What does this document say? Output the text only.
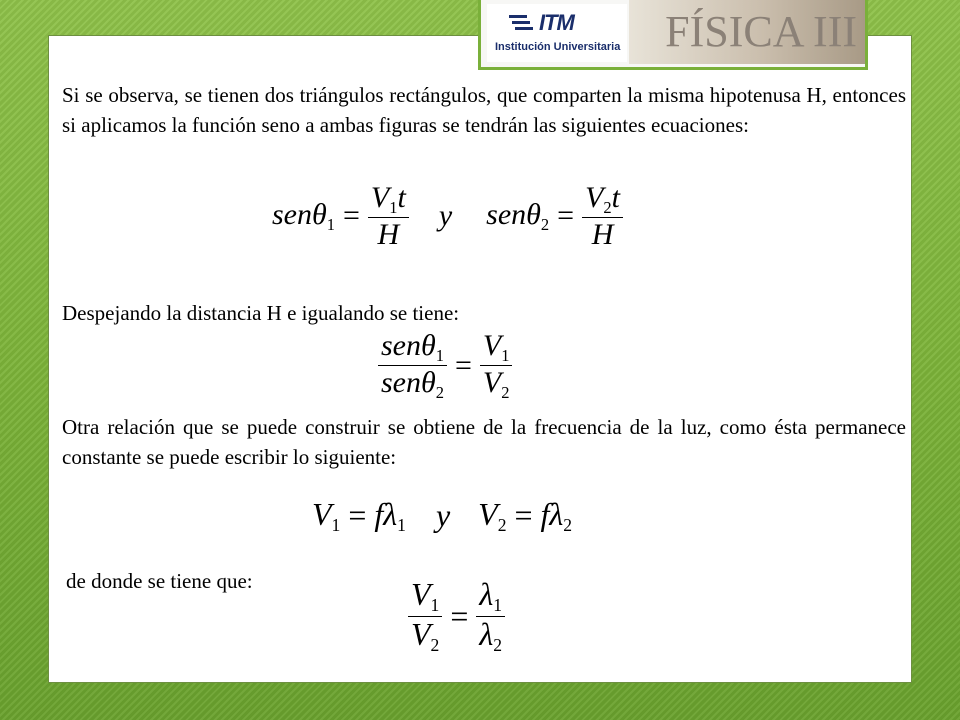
ITM
Institución Universitaria FÍSICA III

Si se observa, se tienen dos triángulos rectángulos, que comparten la misma hipotenusa H, entonces si aplicamos la función seno a ambas figuras se tendrán las siguientes ecuaciones:

$sen\theta_1 = \frac{V_1t}{H}$ y $sen\theta_2 = \frac{V_2t}{H}$

Despejando la distancia H e igualando se tiene:

$\frac{sen\theta_1}{sen\theta_2} = \frac{V_1}{V_2}$

Otra relación que se puede construir se obtiene de la frecuencia de la luz, como ésta permanece constante se puede escribir lo siguiente:

$V_1 = f\lambda_1$ y $V_2 = f\lambda_2$

de donde se tiene que:	$\frac{V_1}{V_2} = \frac{\lambda_1}{\lambda_2}$
